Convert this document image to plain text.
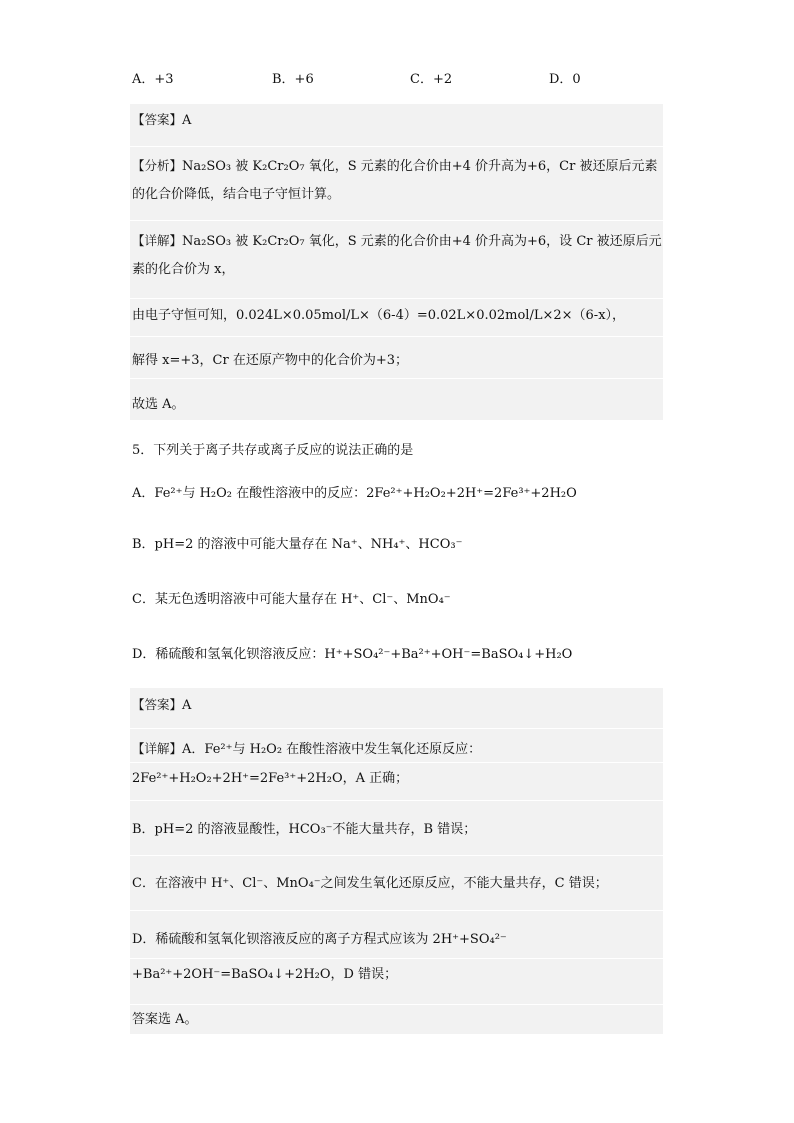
A．+3	B．+6	C．+2	D．0
【答案】A
【分析】Na₂SO₃ 被 K₂Cr₂O₇ 氧化，S 元素的化合价由+4 价升高为+6，Cr 被还原后元素
的化合价降低，结合电子守恒计算。
【详解】Na₂SO₃ 被 K₂Cr₂O₇ 氧化，S 元素的化合价由+4 价升高为+6，设 Cr 被还原后元
素的化合价为 x，
由电子守恒可知，0.024L×0.05mol/L×（6-4）=0.02L×0.02mol/L×2×（6-x），
解得 x=+3，Cr 在还原产物中的化合价为+3；
故选 A。
5．下列关于离子共存或离子反应的说法正确的是
A．Fe²⁺与 H₂O₂ 在酸性溶液中的反应：2Fe²⁺+H₂O₂+2H⁺=2Fe³⁺+2H₂O
B．pH=2 的溶液中可能大量存在 Na⁺、NH₄⁺、HCO₃⁻
C．某无色透明溶液中可能大量存在 H⁺、Cl⁻、MnO₄⁻
D．稀硫酸和氢氧化钡溶液反应：H⁺+SO₄²⁻+Ba²⁺+OH⁻=BaSO₄↓+H₂O
【答案】A
【详解】A．Fe²⁺与 H₂O₂ 在酸性溶液中发生氧化还原反应：
2Fe²⁺+H₂O₂+2H⁺=2Fe³⁺+2H₂O，A 正确；
B．pH=2 的溶液显酸性，HCO₃⁻不能大量共存，B 错误；
C．在溶液中 H⁺、Cl⁻、MnO₄⁻之间发生氧化还原反应，不能大量共存，C 错误；
D．稀硫酸和氢氧化钡溶液反应的离子方程式应该为 2H⁺+SO₄²⁻
+Ba²⁺+2OH⁻=BaSO₄↓+2H₂O，D 错误；
答案选 A。
